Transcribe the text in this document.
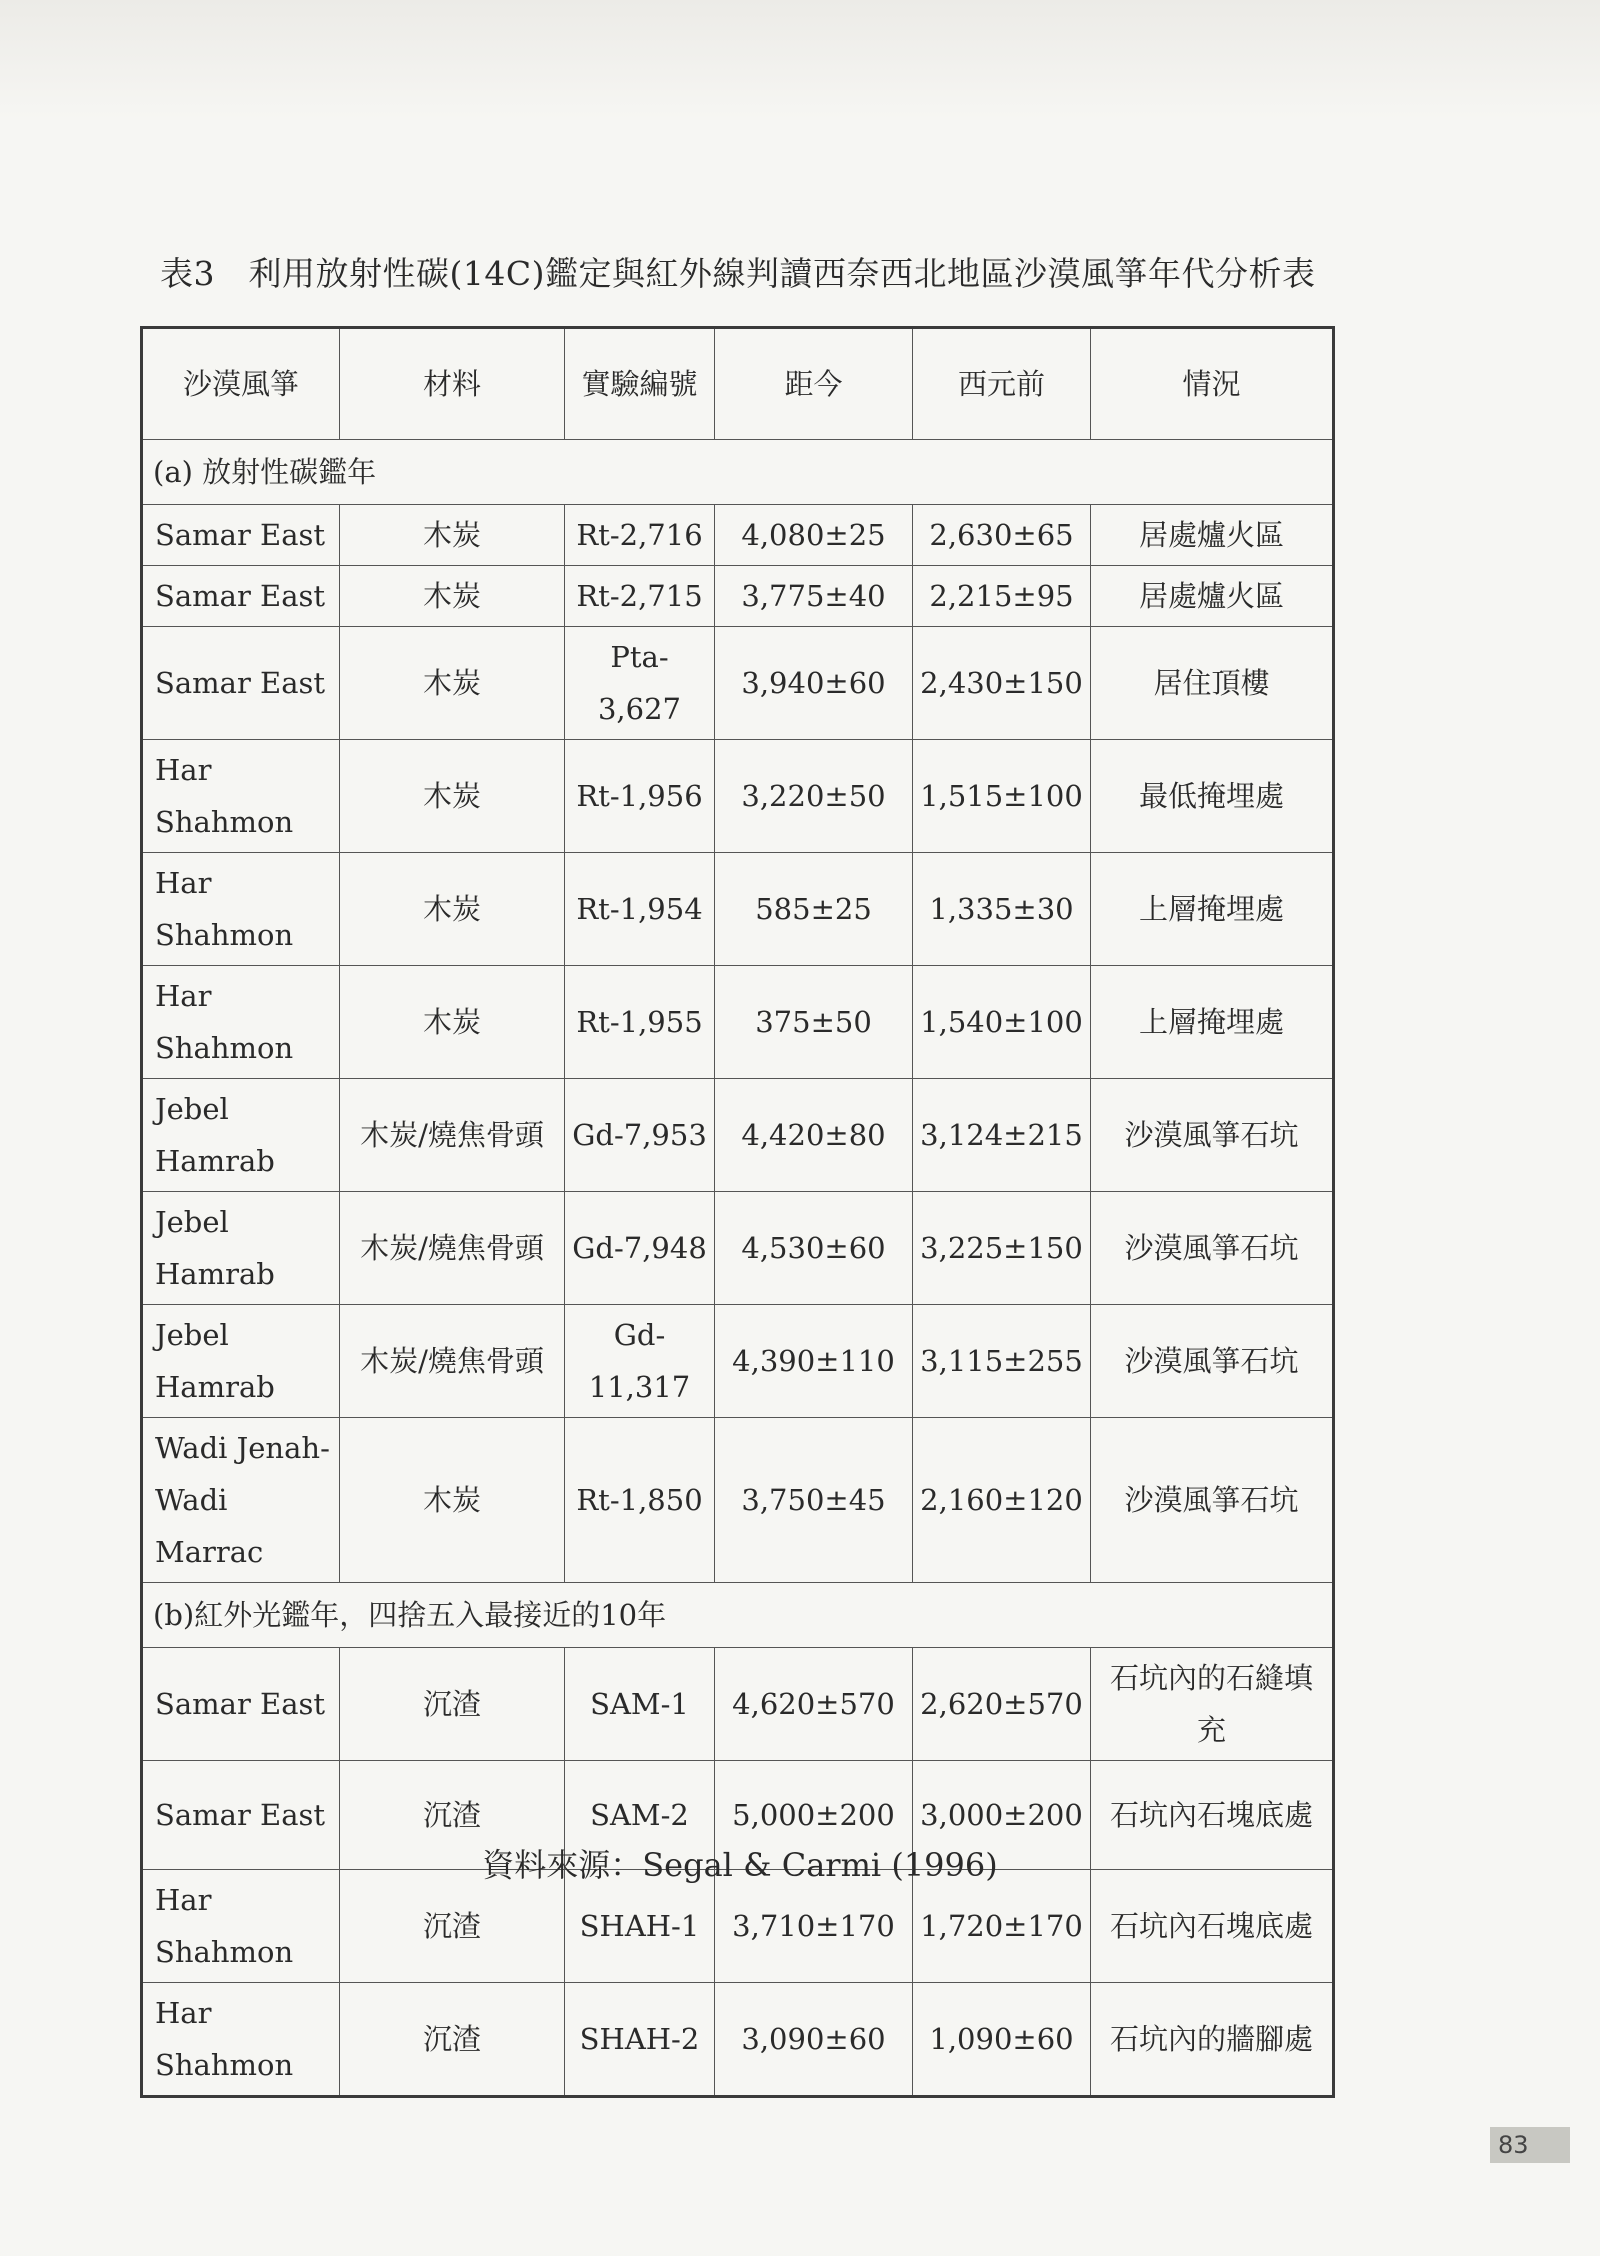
表3　利用放射性碳(14C)鑑定與紅外線判讀西奈西北地區沙漠風箏年代分析表
沙漠風箏	材料	實驗編號	距今	西元前	情況
(a) 放射性碳鑑年					
Samar East	木炭	Rt-2,716	4,080±25	2,630±65	居處爐火區
Samar East	木炭	Rt-2,715	3,775±40	2,215±95	居處爐火區
Samar East	木炭	Pta-3,627	3,940±60	2,430±150	居住頂樓
Har Shahmon	木炭	Rt-1,956	3,220±50	1,515±100	最低掩埋處
Har Shahmon	木炭	Rt-1,954	585±25	1,335±30	上層掩埋處
Har Shahmon	木炭	Rt-1,955	375±50	1,540±100	上層掩埋處
Jebel Hamrab	木炭/燒焦骨頭	Gd-7,953	4,420±80	3,124±215	沙漠風箏石坑
Jebel Hamrab	木炭/燒焦骨頭	Gd-7,948	4,530±60	3,225±150	沙漠風箏石坑
Jebel Hamrab	木炭/燒焦骨頭	Gd-11,317	4,390±110	3,115±255	沙漠風箏石坑
Wadi Jenah-Wadi Marrac	木炭	Rt-1,850	3,750±45	2,160±120	沙漠風箏石坑
(b)紅外光鑑年，四捨五入最接近的10年					
Samar East	沉渣	SAM-1	4,620±570	2,620±570	石坑內的石縫填充
Samar East	沉渣	SAM-2	5,000±200	3,000±200	石坑內石塊底處
Har Shahmon	沉渣	SHAH-1	3,710±170	1,720±170	石坑內石塊底處
Har Shahmon	沉渣	SHAH-2	3,090±60	1,090±60	石坑內的牆腳處
資料來源：Segal & Carmi (1996)
83
